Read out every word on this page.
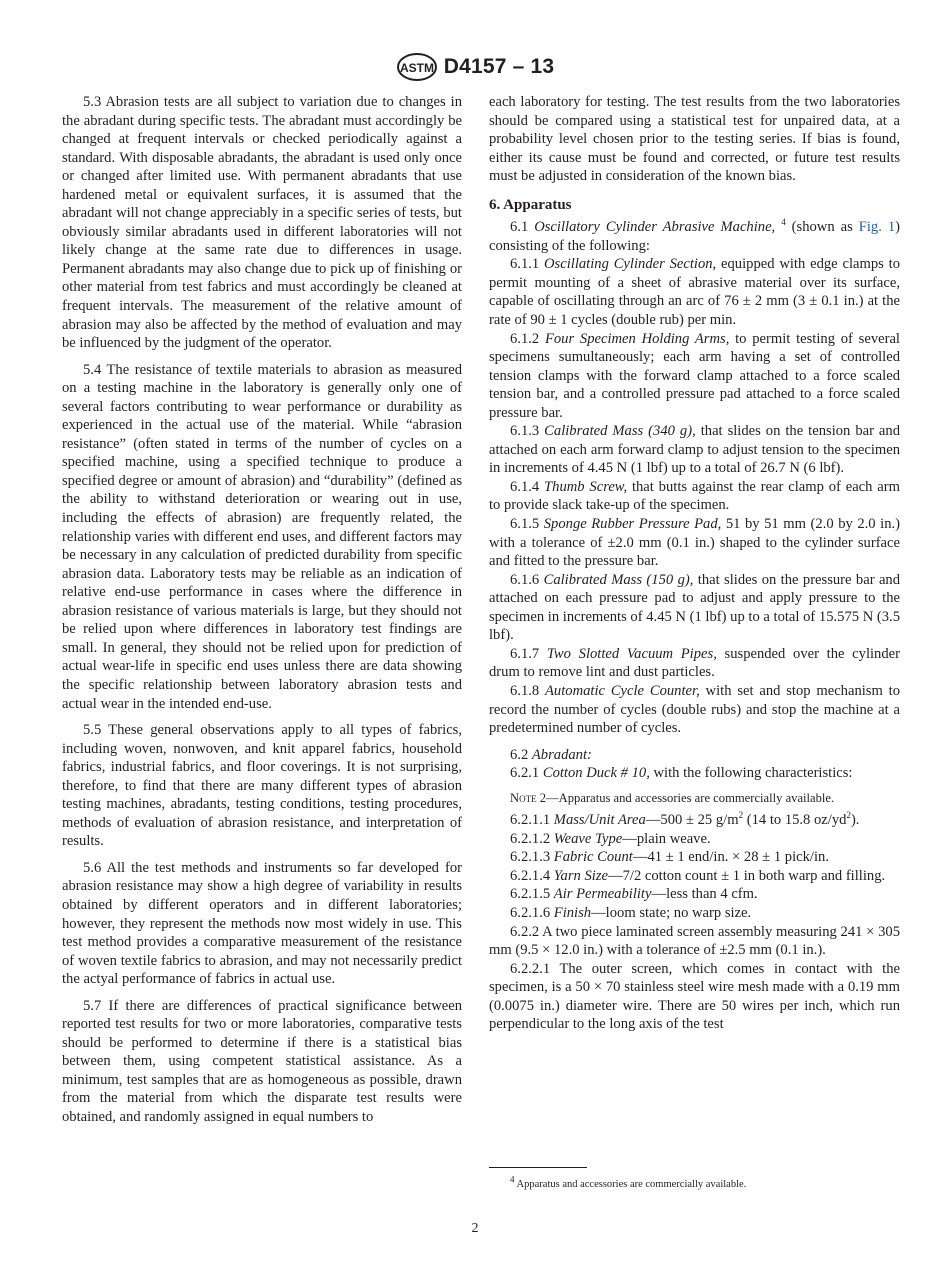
ASTM D4157 – 13

5.3 Abrasion tests are all subject to variation due to changes in the abradant during specific tests. The abradant must accordingly be changed at frequent intervals or checked periodically against a standard. With disposable abradants, the abradant is used only once or changed after limited use. With permanent abradants that use hardened metal or equivalent surfaces, it is assumed that the abradant will not change appreciably in a specific series of tests, but obviously similar abradants used in different laboratories will not likely change at the same rate due to differences in usage. Permanent abradants may also change due to pick up of finishing or other material from test fabrics and must accordingly be cleaned at frequent intervals. The measurement of the relative amount of abrasion may also be affected by the method of evaluation and may be influenced by the judgment of the operator.

5.4 The resistance of textile materials to abrasion as measured on a testing machine in the laboratory is generally only one of several factors contributing to wear performance or durability as experienced in the actual use of the material. While “abrasion resistance” (often stated in terms of the number of cycles on a specified machine, using a specified technique to produce a specified degree or amount of abrasion) and “durability” (defined as the ability to withstand deterioration or wearing out in use, including the effects of abrasion) are frequently related, the relationship varies with different end uses, and different factors may be necessary in any calculation of predicted durability from specific abrasion data. Laboratory tests may be reliable as an indication of relative end-use performance in cases where the difference in abrasion resistance of various materials is large, but they should not be relied upon where differences in laboratory test findings are small. In general, they should not be relied upon for prediction of actual wear-life in specific end uses unless there are data showing the specific relationship between laboratory abrasion tests and actual wear in the intended end-use.

5.5 These general observations apply to all types of fabrics, including woven, nonwoven, and knit apparel fabrics, household fabrics, industrial fabrics, and floor coverings. It is not surprising, therefore, to find that there are many different types of abrasion testing machines, abradants, testing conditions, testing procedures, methods of evaluation of abrasion resistance, and interpretation of results.

5.6 All the test methods and instruments so far developed for abrasion resistance may show a high degree of variability in results obtained by different operators and in different laboratories; however, they represent the methods now most widely in use. This test method provides a comparative measurement of the resistance of woven textile fabrics to abrasion, and may not necessarily predict the actyal performance of fabrics in actual use.

5.7 If there are differences of practical significance between reported test results for two or more laboratories, comparative tests should be performed to determine if there is a statistical bias between them, using competent statistical assistance. As a minimum, test samples that are as homogeneous as possible, drawn from the material from which the disparate test results were obtained, and randomly assigned in equal numbers to

each laboratory for testing. The test results from the two laboratories should be compared using a statistical test for unpaired data, at a probability level chosen prior to the testing series. If bias is found, either its cause must be found and corrected, or future test results must be adjusted in consideration of the known bias.

6. Apparatus

6.1 Oscillatory Cylinder Abrasive Machine, $^4$ (shown as Fig. 1) consisting of the following:

6.1.1 Oscillating Cylinder Section, equipped with edge clamps to permit mounting of a sheet of abrasive material over its surface, capable of oscillating through an arc of 76 ± 2 mm (3 ± 0.1 in.) at the rate of 90 ± 1 cycles (double rub) per min.

6.1.2 Four Specimen Holding Arms, to permit testing of several specimens sumultaneously; each arm having a set of controlled tension clamps with the forward clamp attached to a force scaled tension bar, and a controlled pressure pad attached to a force scaled pressure bar.

6.1.3 Calibrated Mass (340 g), that slides on the tension bar and attached on each arm forward clamp to adjust tension to the specimen in increments of 4.45 N (1 lbf) up to a total of 26.7 N (6 lbf).

6.1.4 Thumb Screw, that butts against the rear clamp of each arm to provide slack take-up of the specimen.

6.1.5 Sponge Rubber Pressure Pad, 51 by 51 mm (2.0 by 2.0 in.) with a tolerance of ±2.0 mm (0.1 in.) shaped to the cylinder surface and fitted to the pressure bar.

6.1.6 Calibrated Mass (150 g), that slides on the pressure bar and attached on each pressure pad to adjust and apply pressure to the specimen in increments of 4.45 N (1 lbf) up to a total of 15.575 N (3.5 lbf).

6.1.7 Two Slotted Vacuum Pipes, suspended over the cylinder drum to remove lint and dust particles.

6.1.8 Automatic Cycle Counter, with set and stop mechanism to record the number of cycles (double rubs) and stop the machine at a predetermined number of cycles.

6.2 Abradant:

6.2.1 Cotton Duck # 10, with the following characteristics:

Note 2—Apparatus and accessories are commercially available.

6.2.1.1 Mass/Unit Area—500 ± 25 $g/m^2$ (14 to 15.8 $oz/yd^2$).

6.2.1.2 Weave Type—plain weave.

6.2.1.3 Fabric Count—41 ± 1 end/in. × 28 ± 1 pick/in.

6.2.1.4 Yarn Size—7/2 cotton count ± 1 in both warp and filling.

6.2.1.5 Air Permeability—less than 4 cfm.

6.2.1.6 Finish—loom state; no warp size.

6.2.2 A two piece laminated screen assembly measuring 241 × 305 mm (9.5 × 12.0 in.) with a tolerance of ±2.5 mm (0.1 in.).

6.2.2.1 The outer screen, which comes in contact with the specimen, is a 50 × 70 stainless steel wire mesh made with a 0.19 mm (0.0075 in.) diameter wire. There are 50 wires per inch, which run perpendicular to the long axis of the test

$^4$ Apparatus and accessories are commercially available.
2
